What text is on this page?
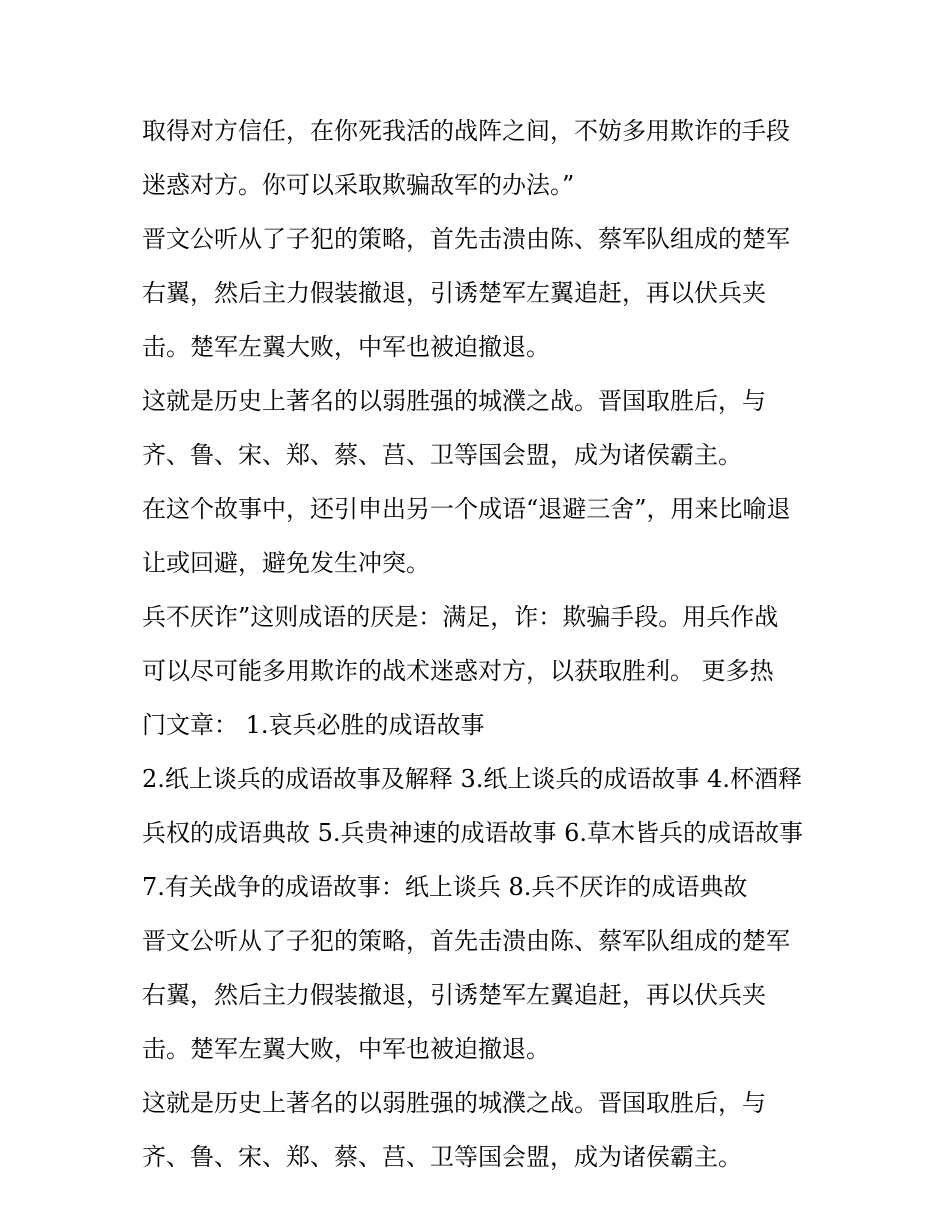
取得对方信任，在你死我活的战阵之间，不妨多用欺诈的手段
迷惑对方。你可以采取欺骗敌军的办法。”
晋文公听从了子犯的策略，首先击溃由陈、蔡军队组成的楚军
右翼，然后主力假装撤退，引诱楚军左翼追赶，再以伏兵夹
击。楚军左翼大败，中军也被迫撤退。
这就是历史上著名的以弱胜强的城濮之战。晋国取胜后，与
齐、鲁、宋、郑、蔡、莒、卫等国会盟，成为诸侯霸主。
在这个故事中，还引申出另一个成语“退避三舍”，用来比喻退
让或回避，避免发生冲突。
兵不厌诈”这则成语的厌是：满足，诈：欺骗手段。用兵作战
可以尽可能多用欺诈的战术迷惑对方，以获取胜利。 更多热
门文章： 1.哀兵必胜的成语故事
2.纸上谈兵的成语故事及解释 3.纸上谈兵的成语故事 4.杯酒释
兵权的成语典故 5.兵贵神速的成语故事 6.草木皆兵的成语故事
7.有关战争的成语故事：纸上谈兵 8.兵不厌诈的成语典故
晋文公听从了子犯的策略，首先击溃由陈、蔡军队组成的楚军
右翼，然后主力假装撤退，引诱楚军左翼追赶，再以伏兵夹
击。楚军左翼大败，中军也被迫撤退。
这就是历史上著名的以弱胜强的城濮之战。晋国取胜后，与
齐、鲁、宋、郑、蔡、莒、卫等国会盟，成为诸侯霸主。
